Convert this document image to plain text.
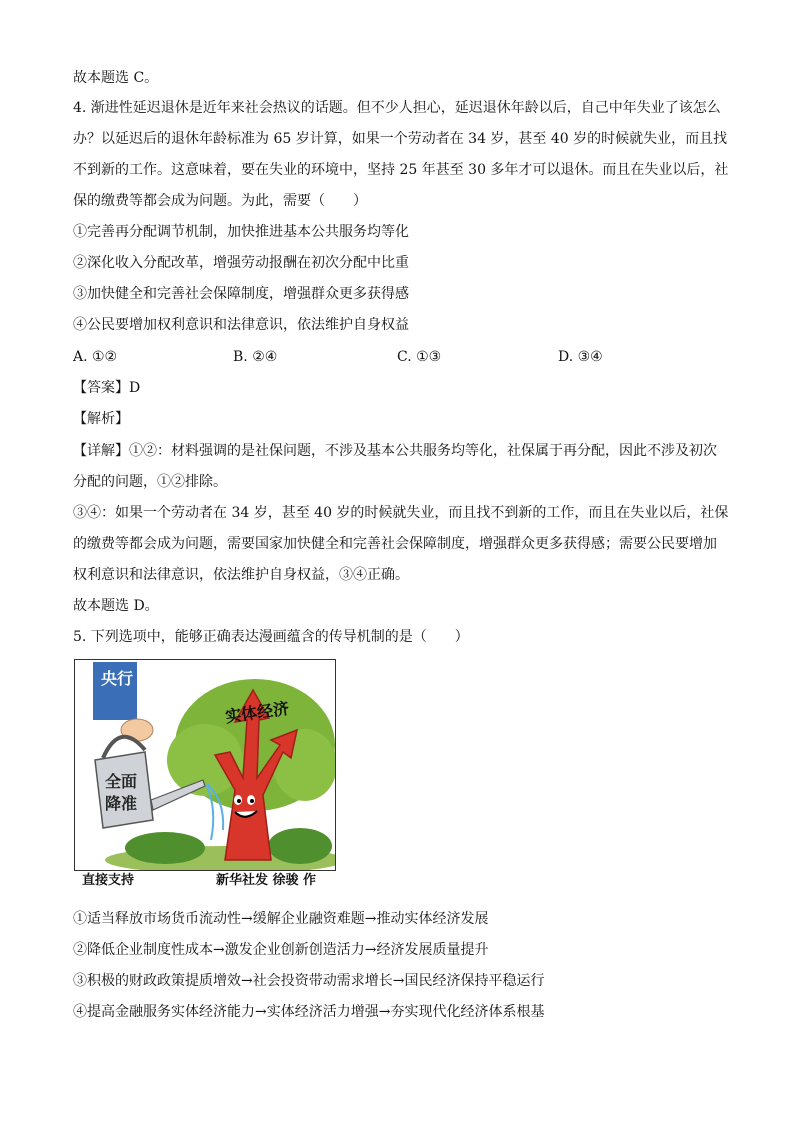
故本题选 C。
4. 渐进性延迟退休是近年来社会热议的话题。但不少人担心，延迟退休年龄以后，自己中年失业了该怎么
办？以延迟后的退休年龄标准为 65 岁计算，如果一个劳动者在 34 岁，甚至 40 岁的时候就失业，而且找
不到新的工作。这意味着，要在失业的环境中，坚持 25 年甚至 30 多年才可以退休。而且在失业以后，社
保的缴费等都会成为问题。为此，需要（　　）
①完善再分配调节机制，加快推进基本公共服务均等化
②深化收入分配改革，增强劳动报酬在初次分配中比重
③加快健全和完善社会保障制度，增强群众更多获得感
④公民要增加权利意识和法律意识，依法维护自身权益
A. ①②	B. ②④	C. ①③	D. ③④
【答案】D
【解析】
【详解】①②：材料强调的是社保问题，不涉及基本公共服务均等化，社保属于再分配，因此不涉及初次
分配的问题，①②排除。
③④：如果一个劳动者在 34 岁，甚至 40 岁的时候就失业，而且找不到新的工作，而且在失业以后，社保
的缴费等都会成为问题，需要国家加快健全和完善社会保障制度，增强群众更多获得感；需要公民要增加
权利意识和法律意识，依法维护自身权益，③④正确。
故本题选 D。
5. 下列选项中，能够正确表达漫画蕴含的传导机制的是（　　）
央行
全面
降准
实体经济
直接支持	新华社发 徐骏 作
①适当释放市场货币流动性→缓解企业融资难题→推动实体经济发展
②降低企业制度性成本→激发企业创新创造活力→经济发展质量提升
③积极的财政政策提质增效→社会投资带动需求增长→国民经济保持平稳运行
④提高金融服务实体经济能力→实体经济活力增强→夯实现代化经济体系根基
